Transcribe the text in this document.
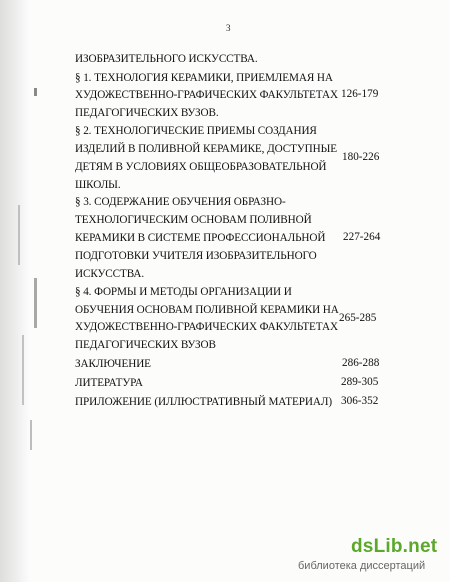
3
ИЗОБРАЗИТЕЛЬНОГО ИСКУССТВА.
§ 1. ТЕХНОЛОГИЯ КЕРАМИКИ, ПРИЕМЛЕМАЯ НА
ХУДОЖЕСТВЕННО-ГРАФИЧЕСКИХ ФАКУЛЬТЕТАХ
ПЕДАГОГИЧЕСКИХ ВУЗОВ.
§ 2. ТЕХНОЛОГИЧЕСКИЕ ПРИЕМЫ СОЗДАНИЯ
ИЗДЕЛИЙ В ПОЛИВНОЙ КЕРАМИКЕ, ДОСТУПНЫЕ
ДЕТЯМ В УСЛОВИЯХ ОБЩЕОБРАЗОВАТЕЛЬНОЙ
ШКОЛЫ.
§ 3. СОДЕРЖАНИЕ ОБУЧЕНИЯ ОБРАЗНО-
ТЕХНОЛОГИЧЕСКИМ ОСНОВАМ ПОЛИВНОЙ
КЕРАМИКИ В СИСТЕМЕ ПРОФЕССИОНАЛЬНОЙ
ПОДГОТОВКИ УЧИТЕЛЯ ИЗОБРАЗИТЕЛЬНОГО
ИСКУССТВА.
§ 4. ФОРМЫ И МЕТОДЫ ОРГАНИЗАЦИИ И
ОБУЧЕНИЯ ОСНОВАМ ПОЛИВНОЙ КЕРАМИКИ НА
ХУДОЖЕСТВЕННО-ГРАФИЧЕСКИХ ФАКУЛЬТЕТАХ
ПЕДАГОГИЧЕСКИХ ВУЗОВ
ЗАКЛЮЧЕНИЕ
ЛИТЕРАТУРА
ПРИЛОЖЕНИЕ (ИЛЛЮСТРАТИВНЫЙ МАТЕРИАЛ)
126-179
180-226
227-264
265-285
286-288
289-305
306-352
dsLib.net
библиотека диссертаций
